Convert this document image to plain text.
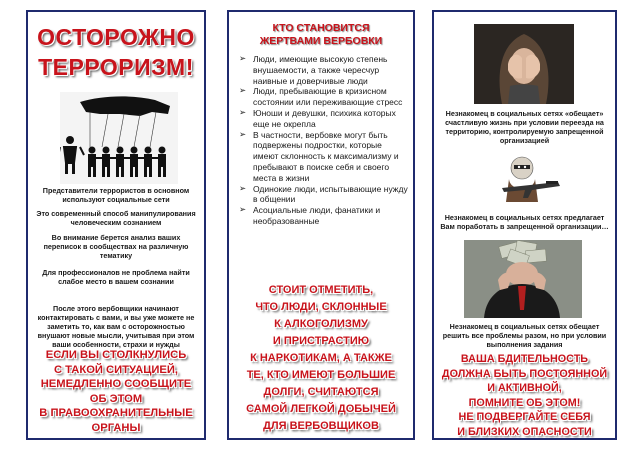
ОСТОРОЖНО
ТЕРРОРИЗМ!
Представители террористов в основном используют социальные сети
Это современный способ манипулирования человеческим сознанием
Во внимание берется анализ ваших переписок в сообществах на различную тематику
Для профессионалов не проблема найти слабое место в вашем сознании
После этого вербовщики начинают контактировать с вами, и вы уже можете не заметить то, как вам с осторожностью внушают новые мысли, учитывая при этом ваши особенности, страхи и нужды
ЕСЛИ ВЫ СТОЛКНУЛИСЬ
С ТАКОЙ СИТУАЦИЕЙ,
НЕМЕДЛЕННО СООБЩИТЕ
ОБ ЭТОМ
В ПРАВООХРАНИТЕЛЬНЫЕ
ОРГАНЫ
КТО СТАНОВИТСЯ
ЖЕРТВАМИ ВЕРБОВКИ
➢ Люди, имеющие высокую степень внушаемости, а также чересчур наивные и доверчивые люди
➢ Люди, пребывающие в кризисном состоянии или переживающие стресс
➢ Юноши и девушки, психика которых еще не окрепла
➢ В частности, вербовке могут быть подвержены подростки, которые имеют склонность к максимализму и пребывают в поиске себя и своего места в жизни
➢ Одинокие люди, испытывающие нужду в общении
➢ Асоциальные люди, фанатики и необразованные
СТОИТ ОТМЕТИТЬ,
ЧТО ЛЮДИ, СКЛОННЫЕ
К АЛКОГОЛИЗМУ
И ПРИСТРАСТИЮ
К НАРКОТИКАМ, А ТАКЖЕ
ТЕ, КТО ИМЕЮТ БОЛЬШИЕ
ДОЛГИ, СЧИТАЮТСЯ
САМОЙ ЛЕГКОЙ ДОБЫЧЕЙ
ДЛЯ ВЕРБОВЩИКОВ
Незнакомец в социальных сетях «обещает» счастливую жизнь при условии переезда на территорию, контролируемую запрещенной организацией
Незнакомец в социальных сетях предлагает Вам поработать в запрещенной организации…
Незнакомец в социальных сетях обещает решить все проблемы разом, но при условии выполнения задания
ВАША БДИТЕЛЬНОСТЬ
ДОЛЖНА БЫТЬ ПОСТОЯННОЙ
И АКТИВНОЙ,
ПОМНИТЕ ОБ ЭТОМ!
НЕ ПОДВЕРГАЙТЕ СЕБЯ
И БЛИЗКИХ ОПАСНОСТИ
